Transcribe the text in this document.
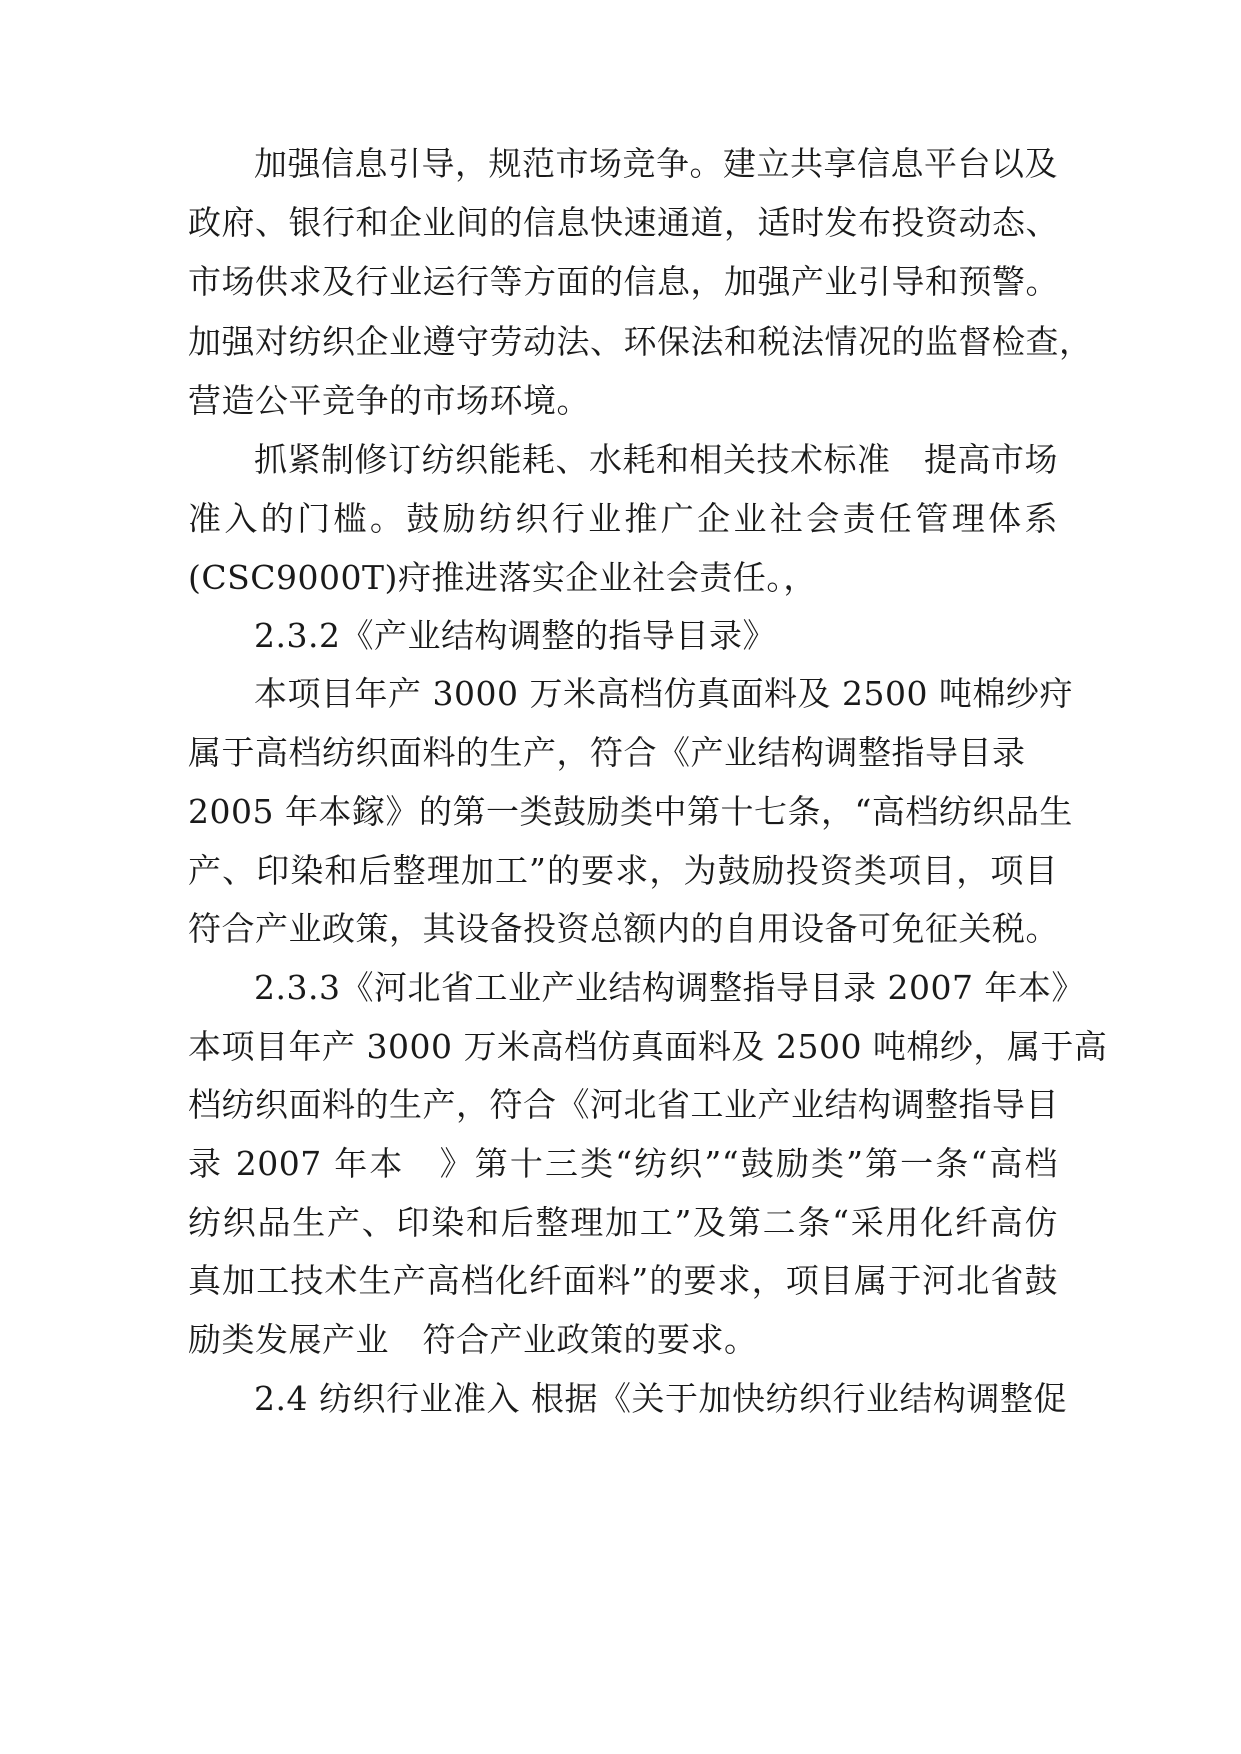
加强信息引导，规范市场竞争。建立共享信息平台以及
政府、银行和企业间的信息快速通道，适时发布投资动态、
市场供求及行业运行等方面的信息，加强产业引导和预警。
加强对纺织企业遵守劳动法、环保法和税法情况的监督检查，
营造公平竞争的市场环境。
抓紧制修订纺织能耗、水耗和相关技术标准　提高市场
准入的门槛。鼓励纺织行业推广企业社会责任管理体系
(CSC9000T)疛推进落实企业社会责任。，
2.3.2《产业结构调整的指导目录》
本项目年产 3000 万米高档仿真面料及 2500 吨棉纱疛
属于高档纺织面料的生产，符合《产业结构调整指导目录
2005 年本鎵》的第一类鼓励类中第十七条，“高档纺织品生
产、印染和后整理加工”的要求，为鼓励投资类项目，项目
符合产业政策，其设备投资总额内的自用设备可免征关税。
2.3.3《河北省工业产业结构调整指导目录 2007 年本》
本项目年产 3000 万米高档仿真面料及 2500 吨棉纱，属于高
档纺织面料的生产，符合《河北省工业产业结构调整指导目
录 2007 年本　》第十三类“纺织”“鼓励类”第一条“高档
纺织品生产、印染和后整理加工”及第二条“采用化纤高仿
真加工技术生产高档化纤面料”的要求，项目属于河北省鼓
励类发展产业　符合产业政策的要求。
2.4 纺织行业准入 根据《关于加快纺织行业结构调整促
